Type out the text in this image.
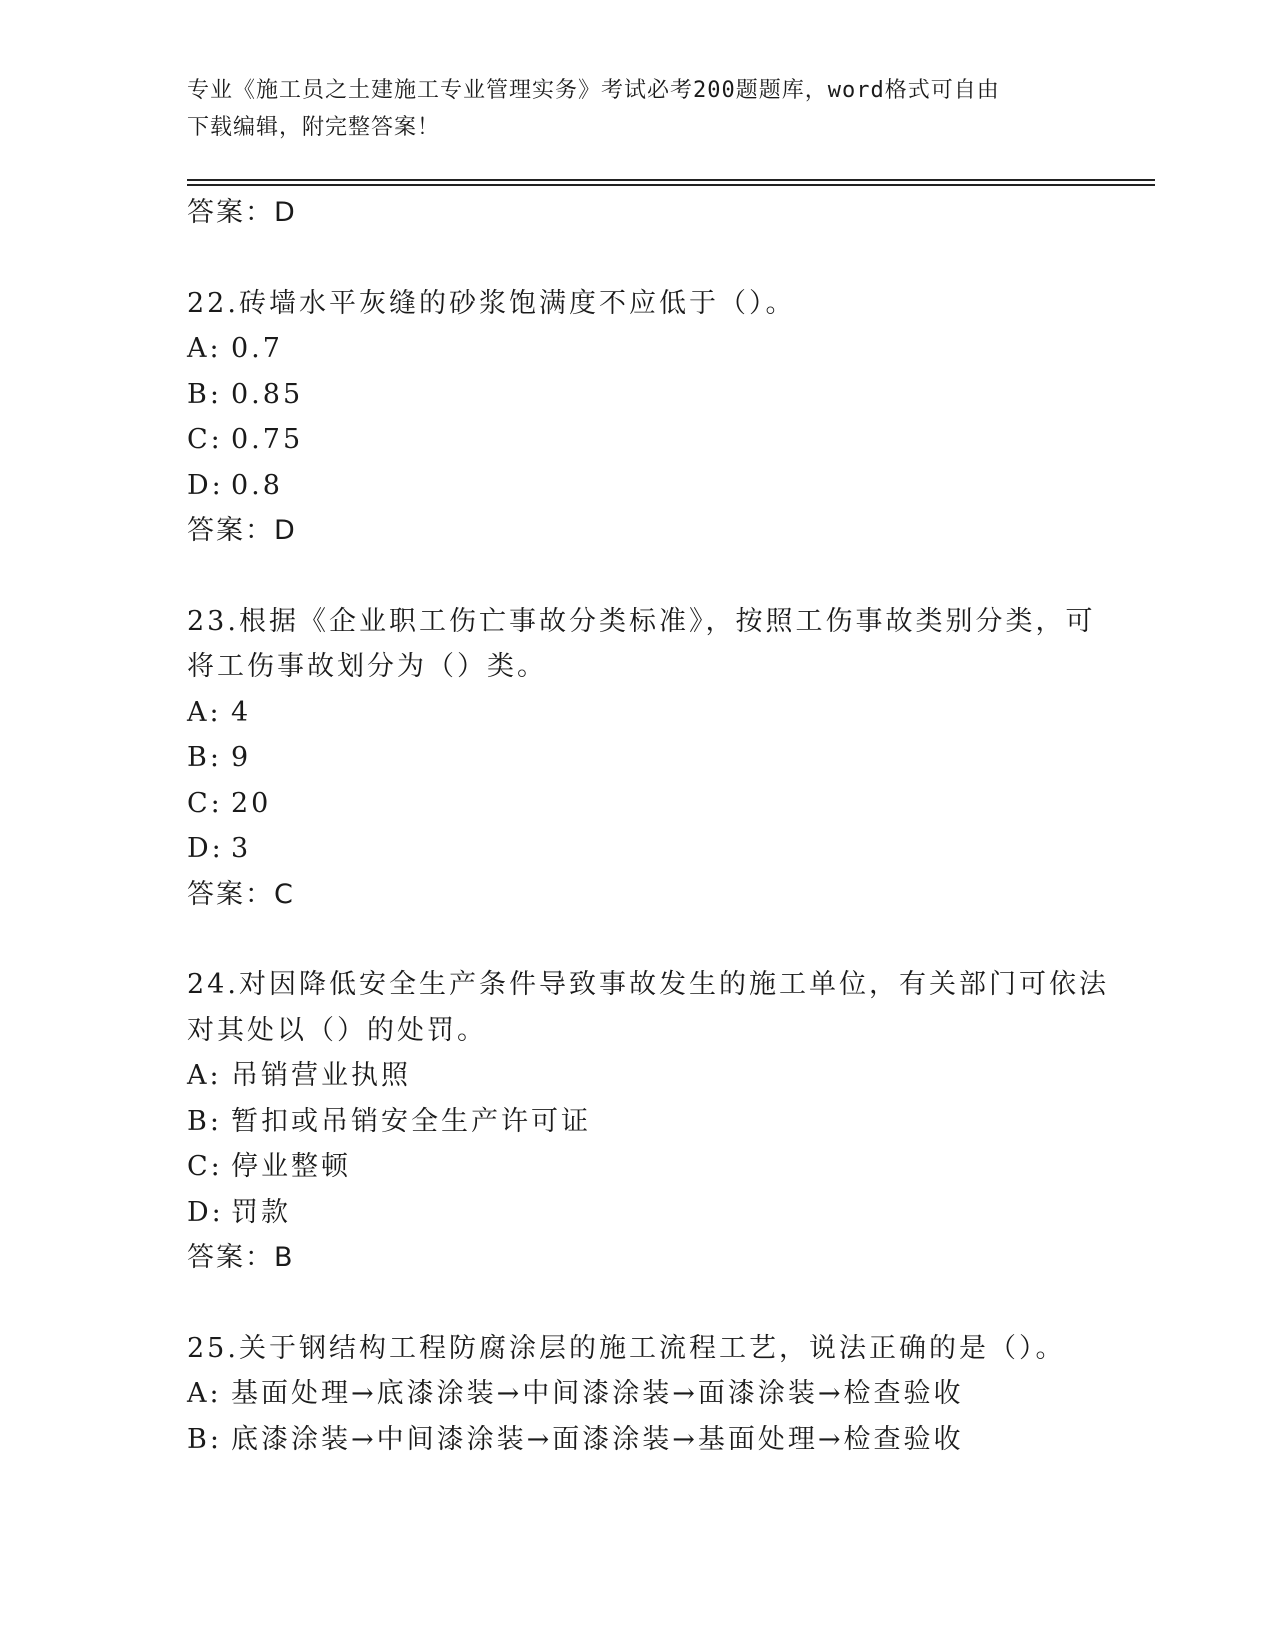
专业《施工员之土建施工专业管理实务》考试必考200题题库，word格式可自由
下载编辑，附完整答案！
答案：D
22.砖墙水平灰缝的砂浆饱满度不应低于（）。
A: 0.7
B: 0.85
C: 0.75
D: 0.8
答案：D
23.根据《企业职工伤亡事故分类标准》，按照工伤事故类别分类，可
将工伤事故划分为（）类。
A: 4
B: 9
C: 20
D: 3
答案：C
24.对因降低安全生产条件导致事故发生的施工单位，有关部门可依法
对其处以（）的处罚。
A: 吊销营业执照
B: 暂扣或吊销安全生产许可证
C: 停业整顿
D: 罚款
答案：B
25.关于钢结构工程防腐涂层的施工流程工艺，说法正确的是（）。
A: 基面处理→底漆涂装→中间漆涂装→面漆涂装→检查验收
B: 底漆涂装→中间漆涂装→面漆涂装→基面处理→检查验收
